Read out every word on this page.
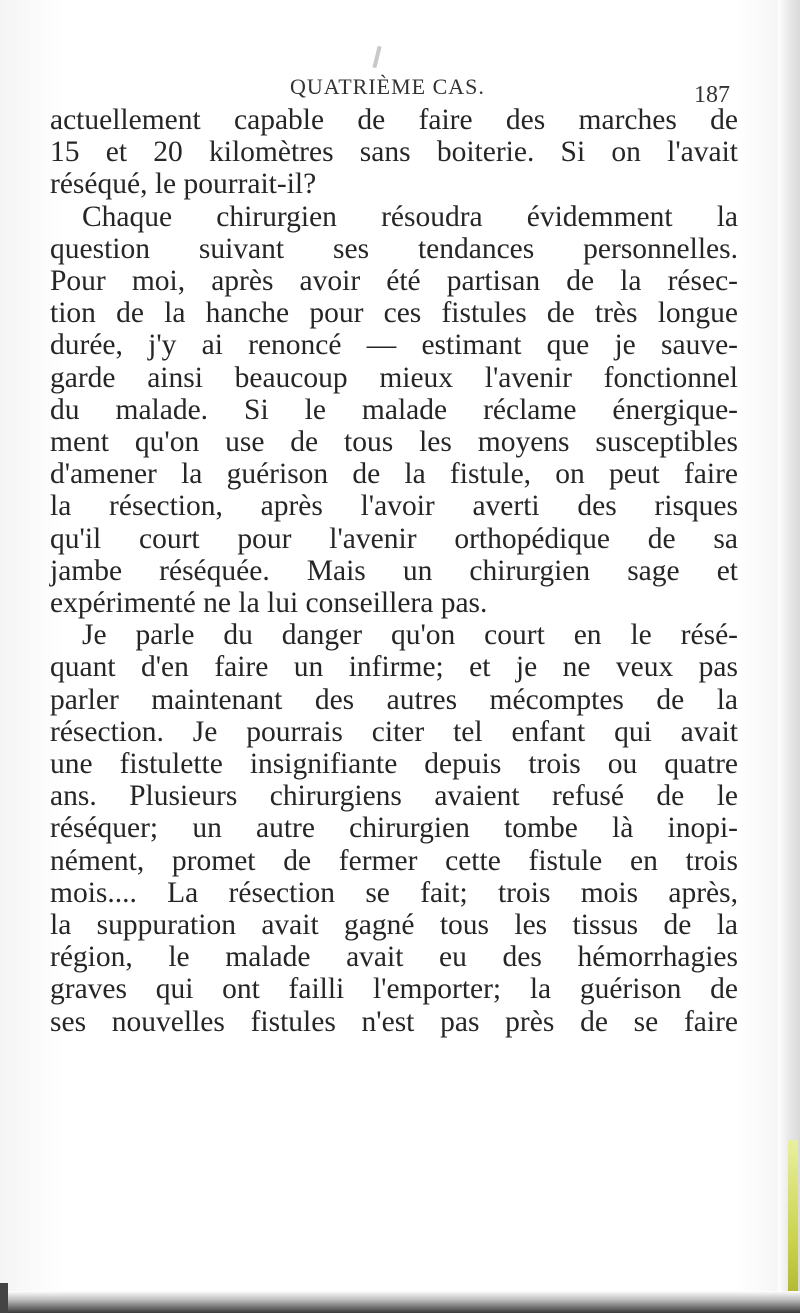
QUATRIÈME CAS.	187
actuellement capable de faire des marches de
15 et 20 kilomètres sans boiterie. Si on l'avait
réséqué, le pourrait-il?
Chaque chirurgien résoudra évidemment la
question suivant ses tendances personnelles.
Pour moi, après avoir été partisan de la résec-
tion de la hanche pour ces fistules de très longue
durée, j'y ai renoncé — estimant que je sauve-
garde ainsi beaucoup mieux l'avenir fonctionnel
du malade. Si le malade réclame énergique-
ment qu'on use de tous les moyens susceptibles
d'amener la guérison de la fistule, on peut faire
la résection, après l'avoir averti des risques
qu'il court pour l'avenir orthopédique de sa
jambe réséquée. Mais un chirurgien sage et
expérimenté ne la lui conseillera pas.
Je parle du danger qu'on court en le résé-
quant d'en faire un infirme; et je ne veux pas
parler maintenant des autres mécomptes de la
résection. Je pourrais citer tel enfant qui avait
une fistulette insignifiante depuis trois ou quatre
ans. Plusieurs chirurgiens avaient refusé de le
réséquer; un autre chirurgien tombe là inopi-
nément, promet de fermer cette fistule en trois
mois.... La résection se fait; trois mois après,
la suppuration avait gagné tous les tissus de la
région, le malade avait eu des hémorrhagies
graves qui ont failli l'emporter; la guérison de
ses nouvelles fistules n'est pas près de se faire
